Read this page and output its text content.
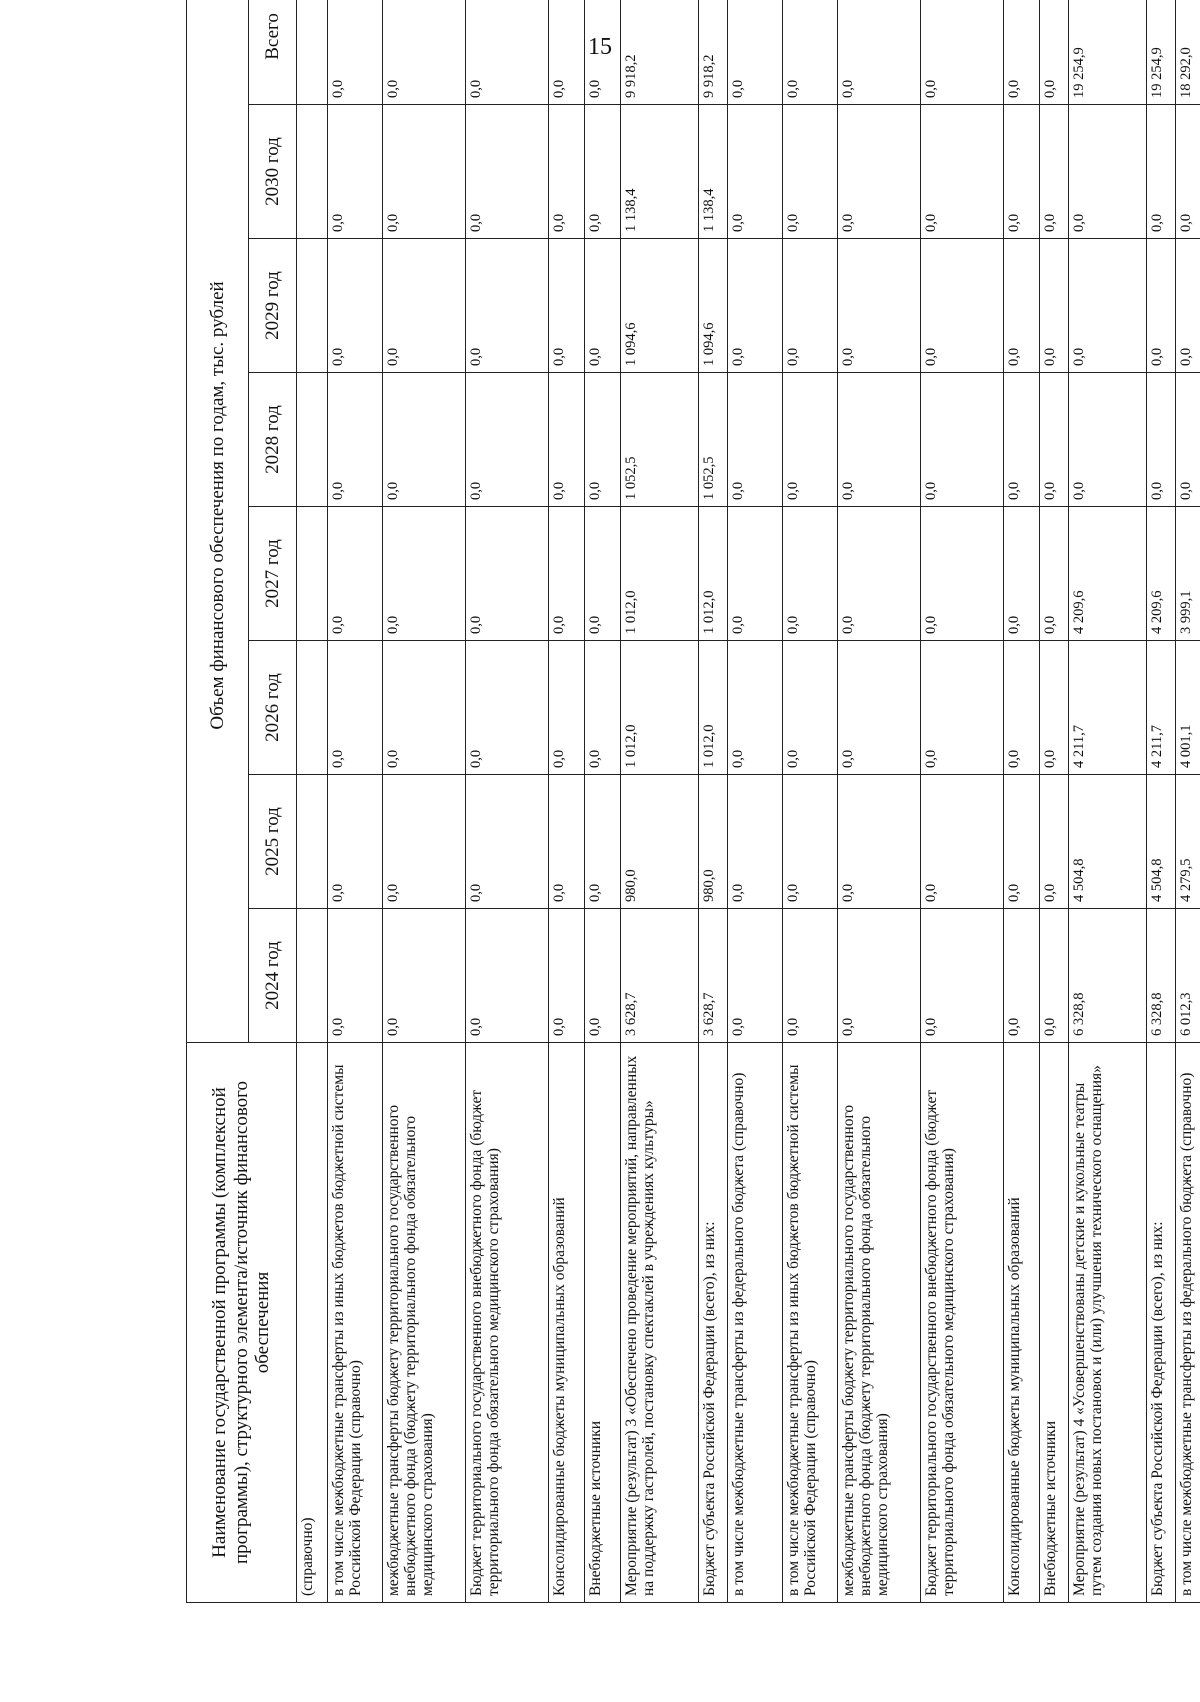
15
Наименование государственной программы (комплексной программы), структурного элемента/источник финансового обеспечения	Объем финансового обеспечения по годам, тыс. рублей							
	2024 год	2025 год	2026 год	2027 год	2028 год	2029 год	2030 год	Всего
(справочно)								
в том числе межбюджетные трансферты из иных бюджетов бюджетной системы Российской Федерации (справочно)	0,0	0,0	0,0	0,0	0,0	0,0	0,0	0,0
межбюджетные трансферты бюджету территориального государственного внебюджетного фонда (бюджету территориального фонда обязательного медицинского страхования)	0,0	0,0	0,0	0,0	0,0	0,0	0,0	0,0
Бюджет территориального государственного внебюджетного фонда (бюджет территориального фонда обязательного медицинского страхования)	0,0	0,0	0,0	0,0	0,0	0,0	0,0	0,0
Консолидированные бюджеты муниципальных образований	0,0	0,0	0,0	0,0	0,0	0,0	0,0	0,0
Внебюджетные источники	0,0	0,0	0,0	0,0	0,0	0,0	0,0	0,0
Мероприятие (результат) 3 «Обеспечено проведение мероприятий, направленных на поддержку гастролей, постановку спектаклей в учреждениях культуры»	3 628,7	980,0	1 012,0	1 012,0	1 052,5	1 094,6	1 138,4	9 918,2
Бюджет субъекта Российской Федерации (всего), из них:	3 628,7	980,0	1 012,0	1 012,0	1 052,5	1 094,6	1 138,4	9 918,2
в том числе межбюджетные трансферты из федерального бюджета (справочно)	0,0	0,0	0,0	0,0	0,0	0,0	0,0	0,0
в том числе межбюджетные трансферты из иных бюджетов бюджетной системы Российской Федерации (справочно)	0,0	0,0	0,0	0,0	0,0	0,0	0,0	0,0
межбюджетные трансферты бюджету территориального государственного внебюджетного фонда (бюджету территориального фонда обязательного медицинского страхования)	0,0	0,0	0,0	0,0	0,0	0,0	0,0	0,0
Бюджет территориального государственного внебюджетного фонда (бюджет территориального фонда обязательного медицинского страхования)	0,0	0,0	0,0	0,0	0,0	0,0	0,0	0,0
Консолидированные бюджеты муниципальных образований	0,0	0,0	0,0	0,0	0,0	0,0	0,0	0,0
Внебюджетные источники	0,0	0,0	0,0	0,0	0,0	0,0	0,0	0,0
Мероприятие (результат) 4 «Усовершенствованы детские и кукольные театры путем создания новых постановок и (или) улучшения технического оснащения»	6 328,8	4 504,8	4 211,7	4 209,6	0,0	0,0	0,0	19 254,9
Бюджет субъекта Российской Федерации (всего), из них:	6 328,8	4 504,8	4 211,7	4 209,6	0,0	0,0	0,0	19 254,9
в том числе межбюджетные трансферты из федерального бюджета (справочно)	6 012,3	4 279,5	4 001,1	3 999,1	0,0	0,0	0,0	18 292,0
